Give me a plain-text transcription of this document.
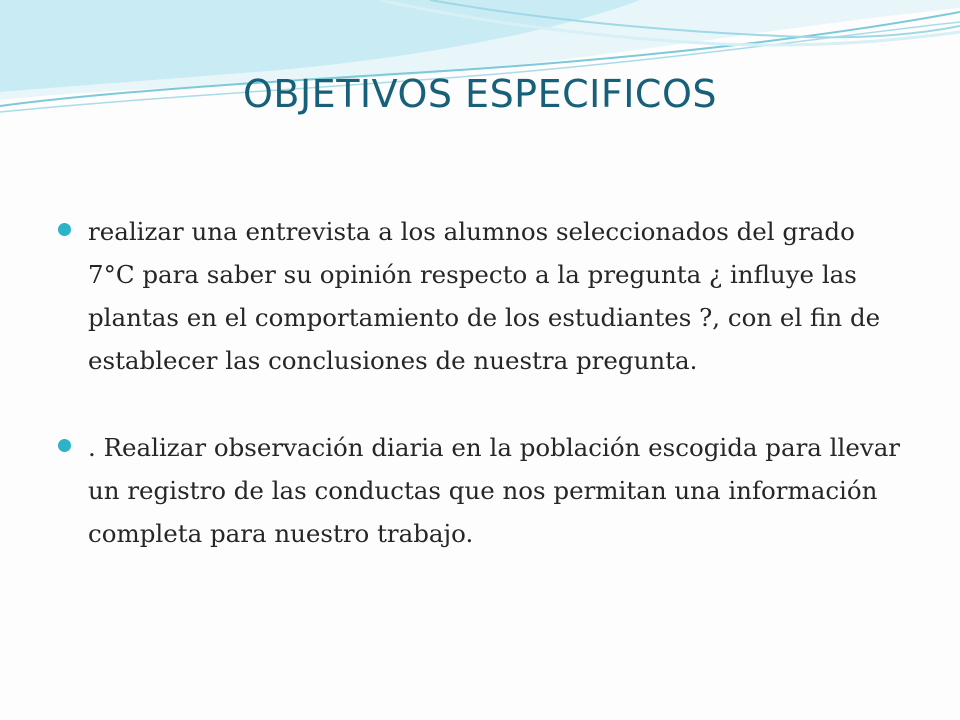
OBJETIVOS ESPECIFICOS
realizar una entrevista a los alumnos seleccionados del grado 7°C para saber su opinión respecto a la pregunta ¿ influye las plantas en el comportamiento de los estudiantes ?, con el fin de establecer las conclusiones de nuestra pregunta.
. Realizar observación diaria en la población escogida para llevar un registro de las conductas que nos permitan una información completa para nuestro trabajo.
